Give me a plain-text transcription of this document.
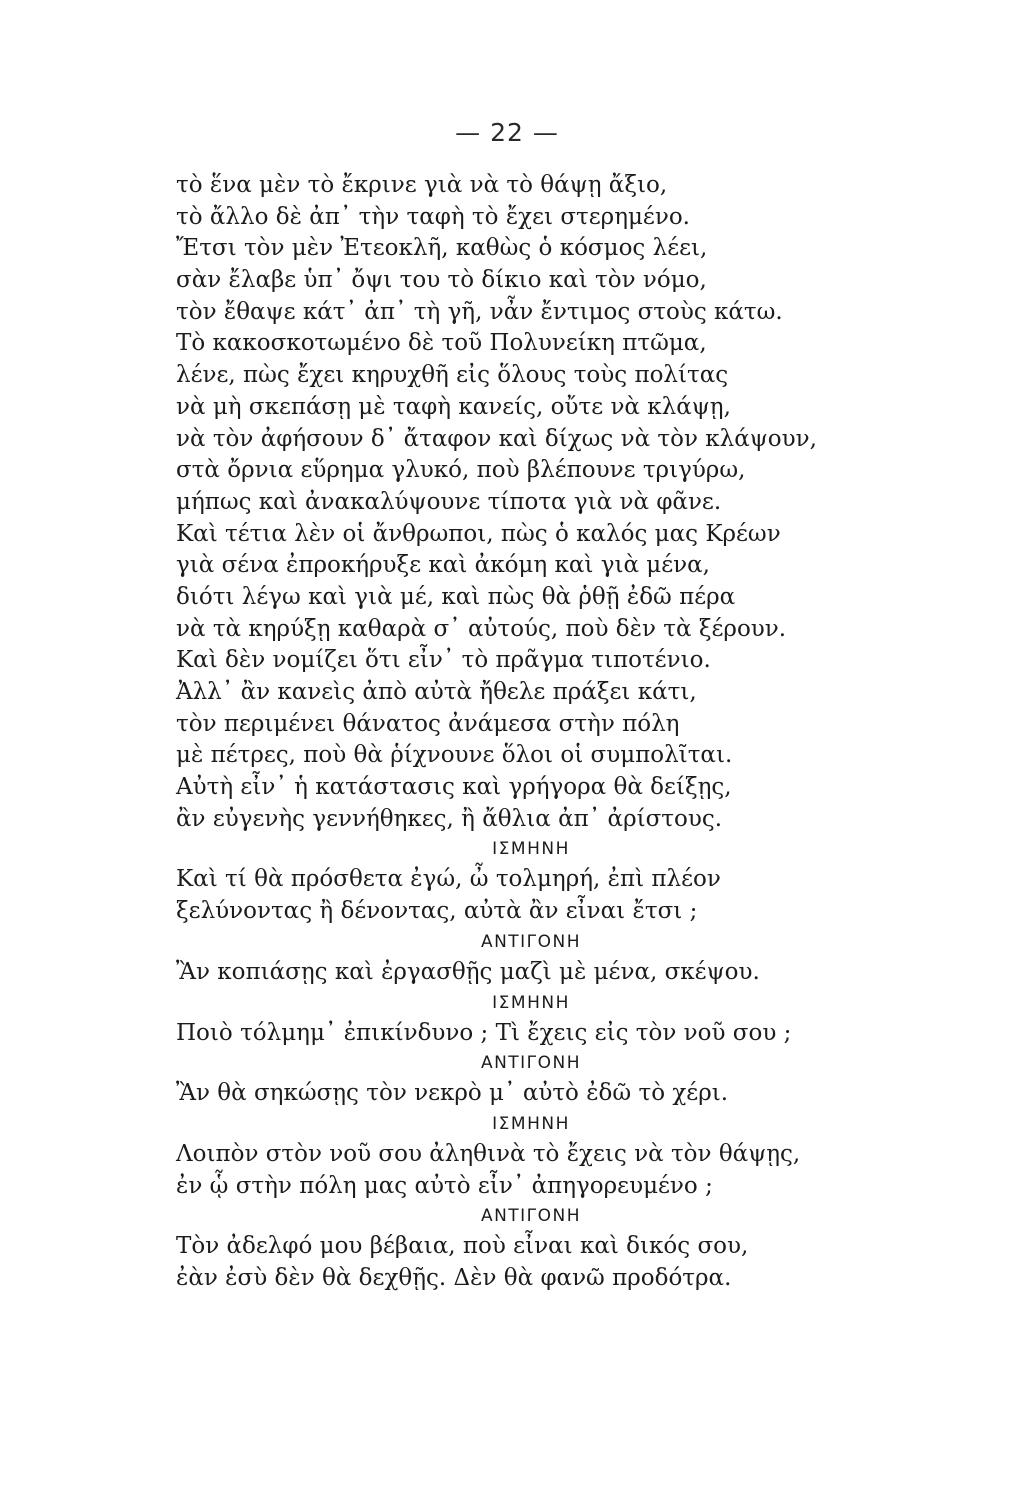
— 22 —
τὸ ἕνα μὲν τὸ ἔκρινε γιὰ νὰ τὸ θάψῃ ἄξιο,
τὸ ἄλλο δὲ ἀπ᾿ τὴν ταφὴ τὸ ἔχει στερημένο.
Ἔτσι τὸν μὲν Ἐτεοκλῆ, καθὼς ὁ κόσμος λέει,
σὰν ἔλαβε ὑπ᾿ ὄψι του τὸ δίκιο καὶ τὸν νόμο,
τὸν ἔθαψε κάτ᾿ ἀπ᾿ τὴ γῆ, νἆν ἔντιμος στοὺς κάτω.
Τὸ κακοσκοτωμένο δὲ τοῦ Πολυνείκη πτῶμα,
λένε, πὼς ἔχει κηρυχθῆ εἰς ὅλους τοὺς πολίτας
νὰ μὴ σκεπάσῃ μὲ ταφὴ κανείς, οὔτε νὰ κλάψῃ,
νὰ τὸν ἀφήσουν δ᾿ ἄταφον καὶ δίχως νὰ τὸν κλάψουν,
στὰ ὄρνια εὕρημα γλυκό, ποὺ βλέπουνε τριγύρω,
μήπως καὶ ἀνακαλύψουνε τίποτα γιὰ νὰ φᾶνε.
Καὶ τέτια λὲν οἱ ἄνθρωποι, πὼς ὁ καλός μας Κρέων
γιὰ σένα ἐπροκήρυξε καὶ ἀκόμη καὶ γιὰ μένα,
διότι λέγω καὶ γιὰ μέ, καὶ πὼς θὰ ῥθῇ ἐδῶ πέρα
νὰ τὰ κηρύξῃ καθαρὰ σ᾿ αὐτούς, ποὺ δὲν τὰ ξέρουν.
Καὶ δὲν νομίζει ὅτι εἶν᾿ τὸ πρᾶγμα τιποτένιο.
Ἀλλ᾿ ἂν κανεὶς ἀπὸ αὐτὰ ἤθελε πράξει κάτι,
τὸν περιμένει θάνατος ἀνάμεσα στὴν πόλη
μὲ πέτρες, ποὺ θὰ ῥίχνουνε ὅλοι οἱ συμπολῖται.
Αὐτὴ εἶν᾿ ἡ κατάστασις καὶ γρήγορα θὰ δείξῃς,
ἂν εὐγενὴς γεννήθηκες, ἢ ἄθλια ἀπ᾿ ἀρίστους.
ΙΣΜΗΝΗ
Καὶ τί θὰ πρόσθετα ἐγώ, ὦ τολμηρή, ἐπὶ πλέον
ξελύνοντας ἢ δένοντας, αὐτὰ ἂν εἶναι ἔτσι ;
ΑΝΤΙΓΟΝΗ
Ἂν κοπιάσῃς καὶ ἐργασθῇς μαζὶ μὲ μένα, σκέψου.
ΙΣΜΗΝΗ
Ποιὸ τόλμημ᾿ ἐπικίνδυνο ; Τὶ ἔχεις εἰς τὸν νοῦ σου ;
ΑΝΤΙΓΟΝΗ
Ἂν θὰ σηκώσῃς τὸν νεκρὸ μ᾿ αὐτὸ ἐδῶ τὸ χέρι.
ΙΣΜΗΝΗ
Λοιπὸν στὸν νοῦ σου ἀληθινὰ τὸ ἔχεις νὰ τὸν θάψῃς,
ἐν ᾧ στὴν πόλη μας αὐτὸ εἶν᾿ ἀπηγορευμένο ;
ΑΝΤΙΓΟΝΗ
Τὸν ἀδελφό μου βέβαια, ποὺ εἶναι καὶ δικός σου,
ἐὰν ἐσὺ δὲν θὰ δεχθῇς. Δὲν θὰ φανῶ προδότρα.
